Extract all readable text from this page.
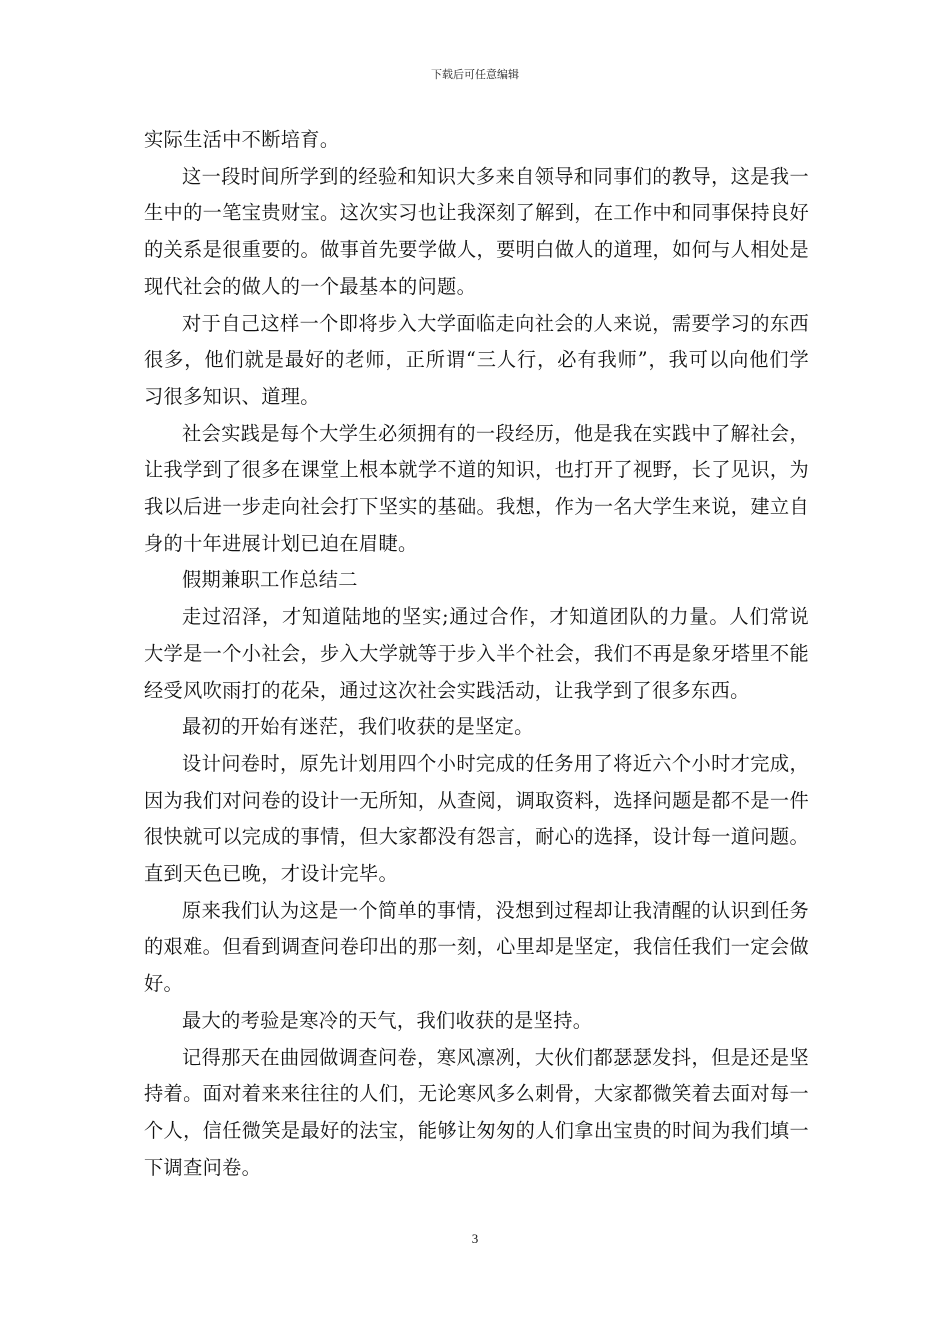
下载后可任意编辑

实际生活中不断培育。

这一段时间所学到的经验和知识大多来自领导和同事们的教导，这是我一生中的一笔宝贵财宝。这次实习也让我深刻了解到，在工作中和同事保持良好的关系是很重要的。做事首先要学做人，要明白做人的道理，如何与人相处是现代社会的做人的一个最基本的问题。

对于自己这样一个即将步入大学面临走向社会的人来说，需要学习的东西很多，他们就是最好的老师，正所谓“三人行，必有我师”，我可以向他们学习很多知识、道理。

社会实践是每个大学生必须拥有的一段经历，他是我在实践中了解社会，让我学到了很多在课堂上根本就学不道的知识，也打开了视野，长了见识，为我以后进一步走向社会打下坚实的基础。我想，作为一名大学生来说，建立自身的十年进展计划已迫在眉睫。

假期兼职工作总结二

走过沼泽，才知道陆地的坚实;通过合作，才知道团队的力量。人们常说大学是一个小社会，步入大学就等于步入半个社会，我们不再是象牙塔里不能经受风吹雨打的花朵，通过这次社会实践活动，让我学到了很多东西。

最初的开始有迷茫，我们收获的是坚定。

设计问卷时，原先计划用四个小时完成的任务用了将近六个小时才完成，因为我们对问卷的设计一无所知，从查阅，调取资料，选择问题是都不是一件很快就可以完成的事情，但大家都没有怨言，耐心的选择，设计每一道问题。直到天色已晚，才设计完毕。

原来我们认为这是一个简单的事情，没想到过程却让我清醒的认识到任务的艰难。但看到调查问卷印出的那一刻，心里却是坚定，我信任我们一定会做好。

最大的考验是寒冷的天气，我们收获的是坚持。

记得那天在曲园做调查问卷，寒风凛冽，大伙们都瑟瑟发抖，但是还是坚持着。面对着来来往往的人们，无论寒风多么刺骨，大家都微笑着去面对每一个人，信任微笑是最好的法宝，能够让匆匆的人们拿出宝贵的时间为我们填一下调查问卷。

3
